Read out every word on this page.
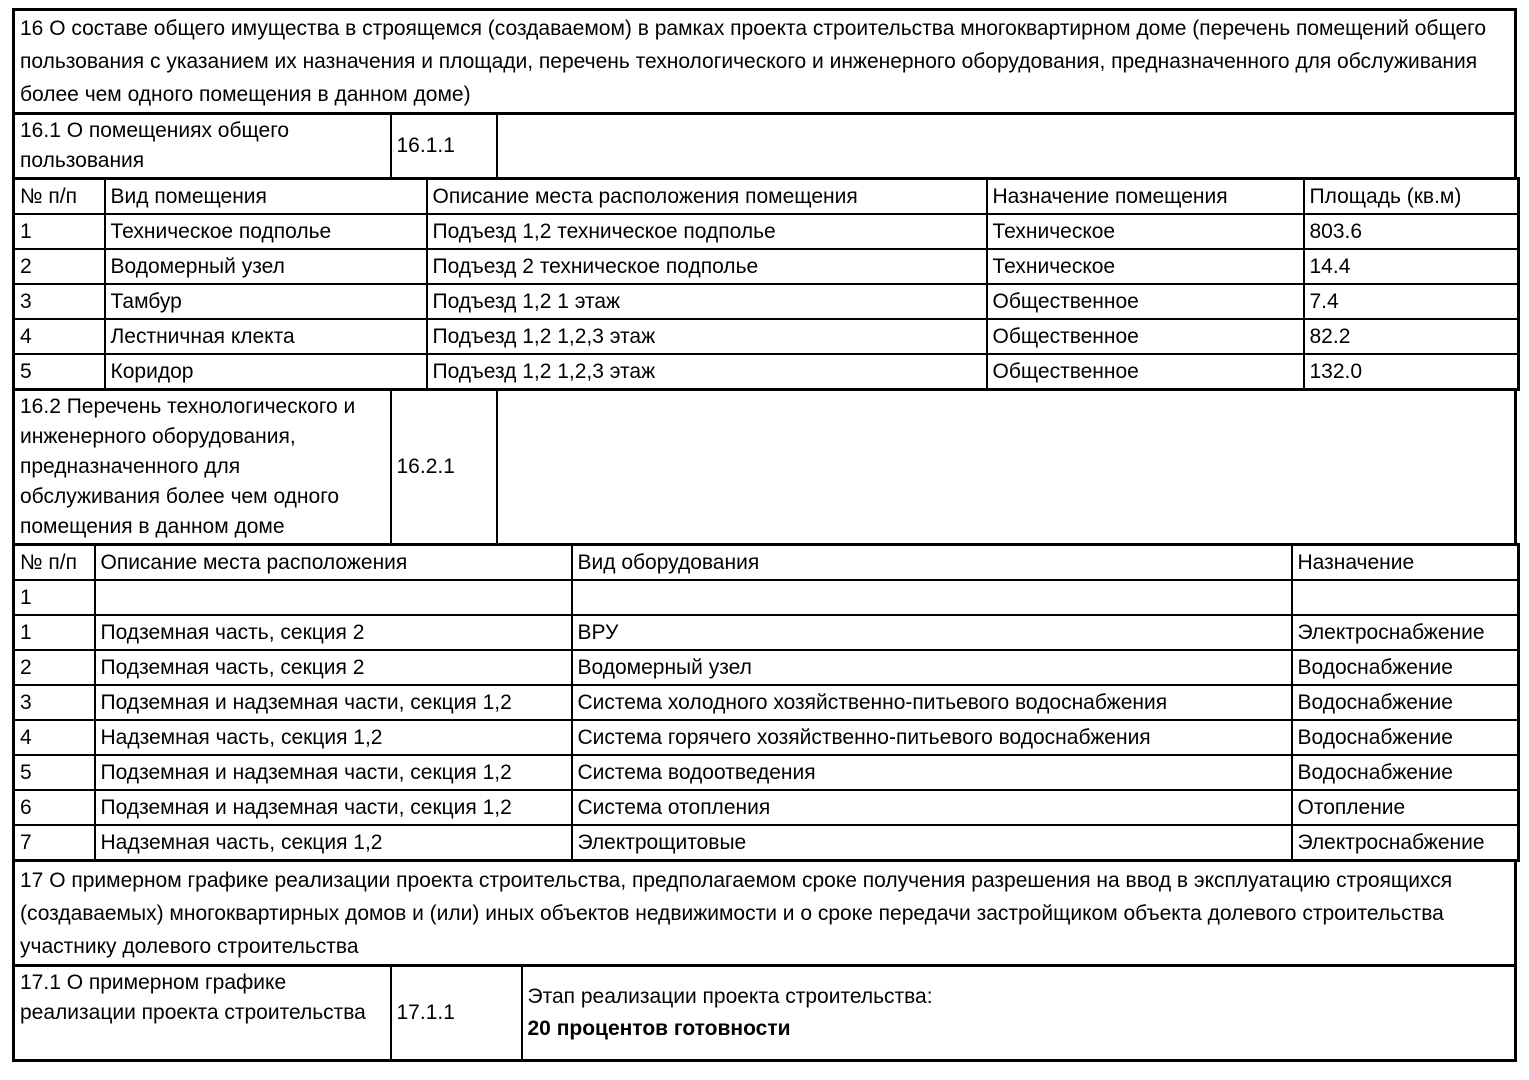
16 О составе общего имущества в строящемся (создаваемом) в рамках проекта строительства многоквартирном доме (перечень помещений общего пользования с указанием их назначения и площади, перечень технологического и инженерного оборудования, предназначенного для обслуживания более чем одного помещения в данном доме)
16.1 О помещениях общего пользования	16.1.1	
№ п/п	Вид помещения	Описание места расположения помещения	Назначение помещения	Площадь (кв.м)
1	Техническое подполье	Подъезд 1,2 техническое подполье	Техническое	803.6
2	Водомерный узел	Подъезд 2 техническое подполье	Техническое	14.4
3	Тамбур	Подъезд 1,2 1 этаж	Общественное	7.4
4	Лестничная клекта	Подъезд 1,2 1,2,3 этаж	Общественное	82.2
5	Коридор	Подъезд 1,2 1,2,3 этаж	Общественное	132.0
16.2 Перечень технологического и инженерного оборудования, предназначенного для обслуживания более чем одного помещения в данном доме	16.2.1	
№ п/п	Описание места расположения	Вид оборудования	Назначение
1			
1	Подземная часть, секция 2	ВРУ	Электроснабжение
2	Подземная часть, секция 2	Водомерный узел	Водоснабжение
3	Подземная и надземная части, секция 1,2	Система холодного хозяйственно-питьевого водоснабжения	Водоснабжение
4	Надземная часть, секция 1,2	Система горячего хозяйственно-питьевого водоснабжения	Водоснабжение
5	Подземная и надземная части, секция 1,2	Система водоотведения	Водоснабжение
6	Подземная и надземная части, секция 1,2	Система отопления	Отопление
7	Надземная часть, секция 1,2	Электрощитовые	Электроснабжение
17 О примерном графике реализации проекта строительства, предполагаемом сроке получения разрешения на ввод в эксплуатацию строящихся (создаваемых) многоквартирных домов и (или) иных объектов недвижимости и о сроке передачи застройщиком объекта долевого строительства участнику долевого строительства
17.1 О примерном графике реализации проекта строительства	17.1.1	
Этап реализации проекта строительства:
20 процентов готовности
